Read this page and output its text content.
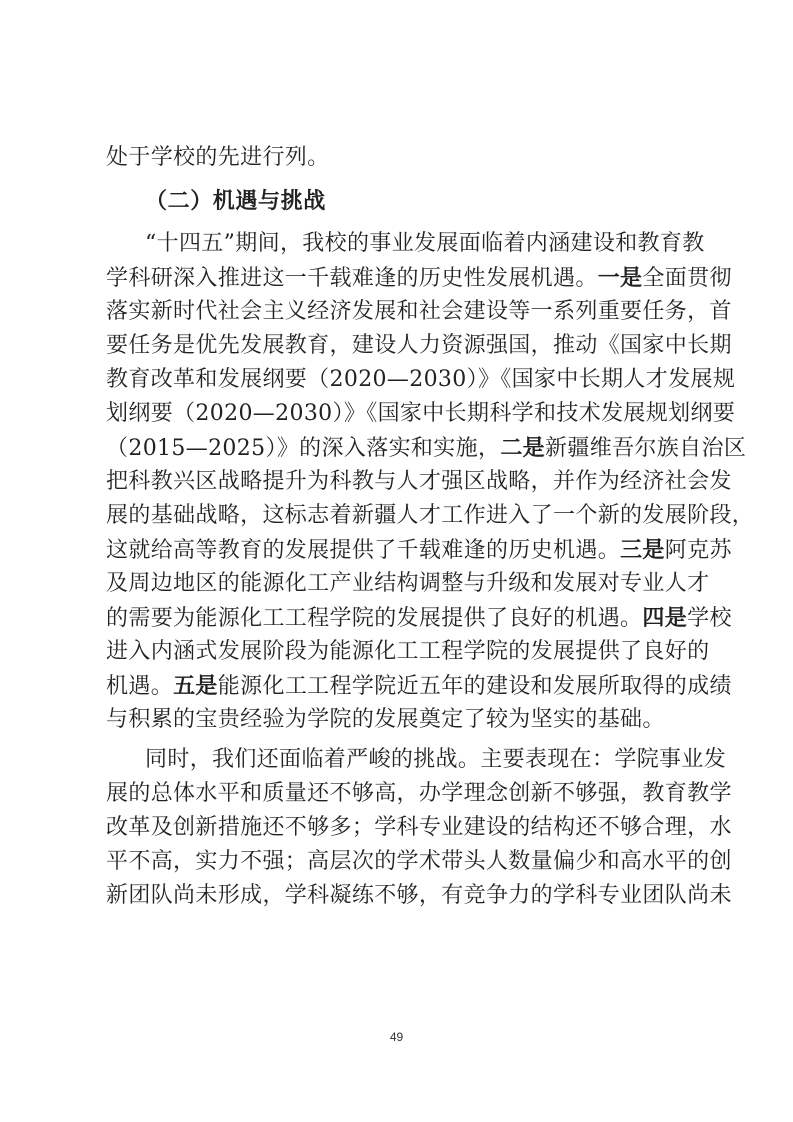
处于学校的先进行列。
（二）机遇与挑战
“十四五”期间，我校的事业发展面临着内涵建设和教育教
学科研深入推进这一千载难逢的历史性发展机遇。一是全面贯彻
落实新时代社会主义经济发展和社会建设等一系列重要任务，首
要任务是优先发展教育，建设人力资源强国，推动《国家中长期
教育改革和发展纲要（2020—2030）》《国家中长期人才发展规
划纲要（2020—2030）》《国家中长期科学和技术发展规划纲要
（2015—2025）》的深入落实和实施，二是新疆维吾尔族自治区
把科教兴区战略提升为科教与人才强区战略，并作为经济社会发
展的基础战略，这标志着新疆人才工作进入了一个新的发展阶段，
这就给高等教育的发展提供了千载难逢的历史机遇。三是阿克苏
及周边地区的能源化工产业结构调整与升级和发展对专业人才
的需要为能源化工工程学院的发展提供了良好的机遇。四是学校
进入内涵式发展阶段为能源化工工程学院的发展提供了良好的
机遇。五是能源化工工程学院近五年的建设和发展所取得的成绩
与积累的宝贵经验为学院的发展奠定了较为坚实的基础。
同时，我们还面临着严峻的挑战。主要表现在：学院事业发
展的总体水平和质量还不够高，办学理念创新不够强，教育教学
改革及创新措施还不够多；学科专业建设的结构还不够合理，水
平不高，实力不强；高层次的学术带头人数量偏少和高水平的创
新团队尚未形成，学科凝练不够，有竞争力的学科专业团队尚未
49
